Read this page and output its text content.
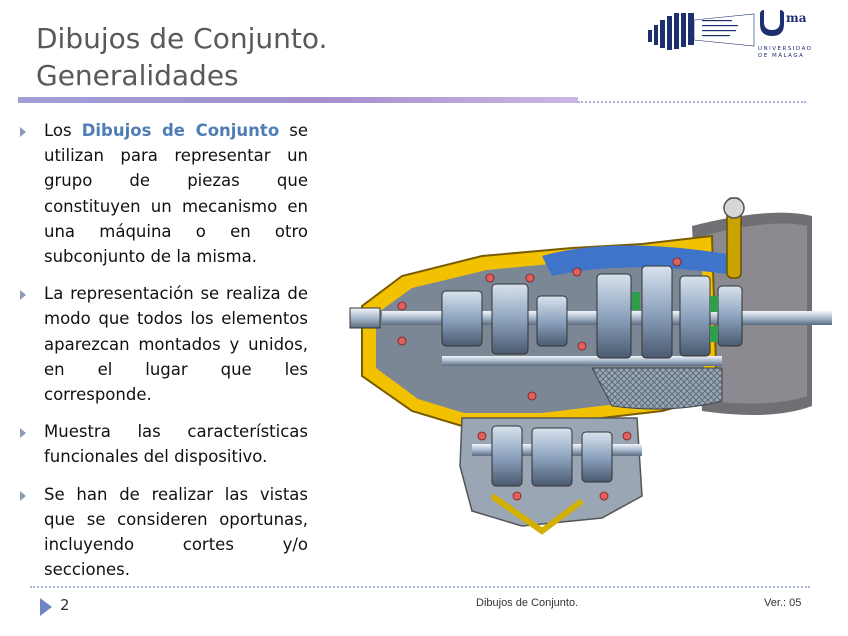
Dibujos de Conjunto.
Generalidades
ma
UNIVERSIDAD
DE MÁLAGA
Los Dibujos de Conjunto se utilizan para representar un grupo de piezas que constituyen un mecanismo en una máquina o en otro subconjunto de la misma.
La representación se realiza de modo que todos los elementos aparezcan montados y unidos, en el lugar que les corresponde.
Muestra las características funcionales del dispositivo.
Se han de realizar las vistas que se consideren oportunas, incluyendo cortes y/o secciones.
2	Dibujos de Conjunto.	Ver.: 05
